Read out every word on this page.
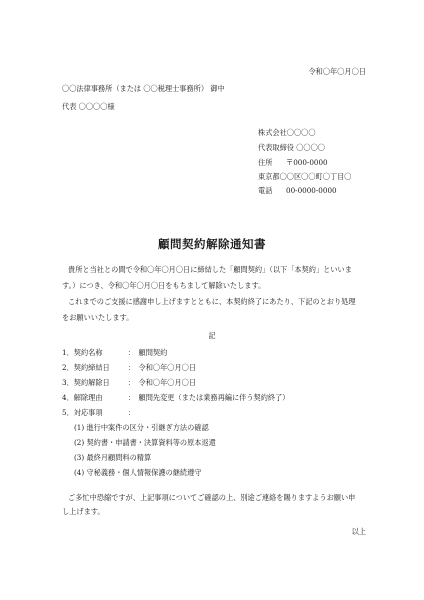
令和〇年〇月〇日
〇〇法律事務所（または 〇〇税理士事務所） 御中
代表 〇〇〇〇様
株式会社〇〇〇〇
代表取締役 〇〇〇〇
住所 〒000-0000
東京都〇〇区〇〇町〇丁目〇
電話 00-0000-0000
顧問契約解除通知書
貴所と当社との間で令和〇年〇月〇日に締結した「顧問契約」（以下「本契約」といいま
す。）につき、令和〇年〇月〇日をもちまして解除いたします。
これまでのご支援に感謝申し上げますとともに、本契約終了にあたり、下記のとおり処理
をお願いいたします。
記
1．契約名称	：　顧問契約
2．契約締結日	：　令和〇年〇月〇日
3．契約解除日	：　令和〇年〇月〇日
4．解除理由	：　顧問先変更（または業務再編に伴う契約終了）
5．対応事項	：
(1) 進行中案件の区分・引継ぎ方法の確認
(2) 契約書・申請書・決算資料等の原本返還
(3) 最終月顧問料の精算
(4) 守秘義務・個人情報保護の継続遵守
ご多忙中恐縮ですが、上記事項についてご確認の上、別途ご連絡を賜りますようお願い申
し上げます。
以上
